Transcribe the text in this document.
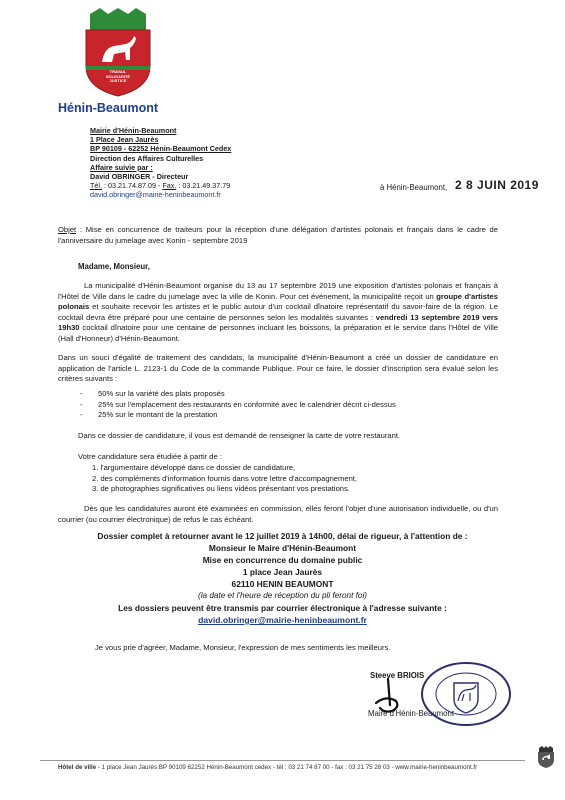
TRAVAIL
SOLIDARITÉ
JUSTICE
Hénin-Beaumont
Mairie d'Hénin-Beaumont
1 Place Jean Jaurès
BP 90109 - 62252 Hénin-Beaumont Cedex
Direction des Affaires Culturelles
Affaire suivie par :
David OBRINGER - Directeur
Tél. : 03.21.74.87.09 - Fax. : 03.21.49.37.79
david.obringer@mairie-heninbeaumont.fr
à Hénin-Beaumont, 2 8 JUIN 2019
Objet : Mise en concurrence de traiteurs pour la réception d'une délégation d'artistes polonais et français dans le cadre de l'anniversaire du jumelage avec Konin - septembre 2019
Madame, Monsieur,
La municipalité d'Hénin-Beaumont organise du 13 au 17 septembre 2019 une exposition d'artistes polonais et français à l'Hôtel de Ville dans le cadre du jumelage avec la ville de Konin. Pour cet événement, la municipalité reçoit un groupe d'artistes polonais et souhaite recevoir les artistes et le public autour d'un cocktail dînatoire représentatif du savoir-faire de la région. Le cocktail devra être préparé pour une centaine de personnes selon les modalités suivantes : vendredi 13 septembre 2019 vers 19h30 cocktail dînatoire pour une centaine de personnes incluant les boissons, la préparation et le service dans l'Hôtel de Ville (Hall d'Honneur) d'Hénin-Beaumont.
Dans un souci d'égalité de traitement des candidats, la municipalité d'Hénin-Beaumont a créé un dossier de candidature en application de l'article L. 2123-1 du Code de la commande Publique. Pour ce faire, le dossier d'inscription sera évalué selon les critères suivants :
- 50% sur la variété des plats proposés
- 25% sur l'emplacement des restaurants en conformité avec le calendrier décrit ci-dessus
- 25% sur le montant de la prestation
Dans ce dossier de candidature, il vous est demandé de renseigner la carte de votre restaurant.
Votre candidature sera étudiée à partir de :
1. l'argumentaire développé dans ce dossier de candidature,
2. des compléments d'information fournis dans votre lettre d'accompagnement,
3. de photographies significatives ou liens vidéos présentant vos prestations.
Dès que les candidatures auront été examinées en commission, elles feront l'objet d'une autorisation individuelle, ou d'un courrier (ou courrier électronique) de refus le cas échéant.
Dossier complet à retourner avant le 12 juillet 2019 à 14h00, délai de rigueur, à l'attention de :
Monsieur le Maire d'Hénin-Beaumont
Mise en concurrence du domaine public
1 place Jean Jaurès
62110 HENIN BEAUMONT
(la date et l'heure de réception du pli feront foi)
Les dossiers peuvent être transmis par courrier électronique à l'adresse suivante :
david.obringer@mairie-heninbeaumont.fr
Je vous prie d'agréer, Madame, Monsieur, l'expression de mes sentiments les meilleurs.
Steeve BRIOIS
Maire d'Hénin-Beaumont
Hôtel de ville - 1 place Jean Jaurès BP 90109 62252 Hénin-Beaumont cedex - tél : 03 21 74 87 00 - fax : 03 21 75 28 03 - www.mairie-heninbeaumont.fr
